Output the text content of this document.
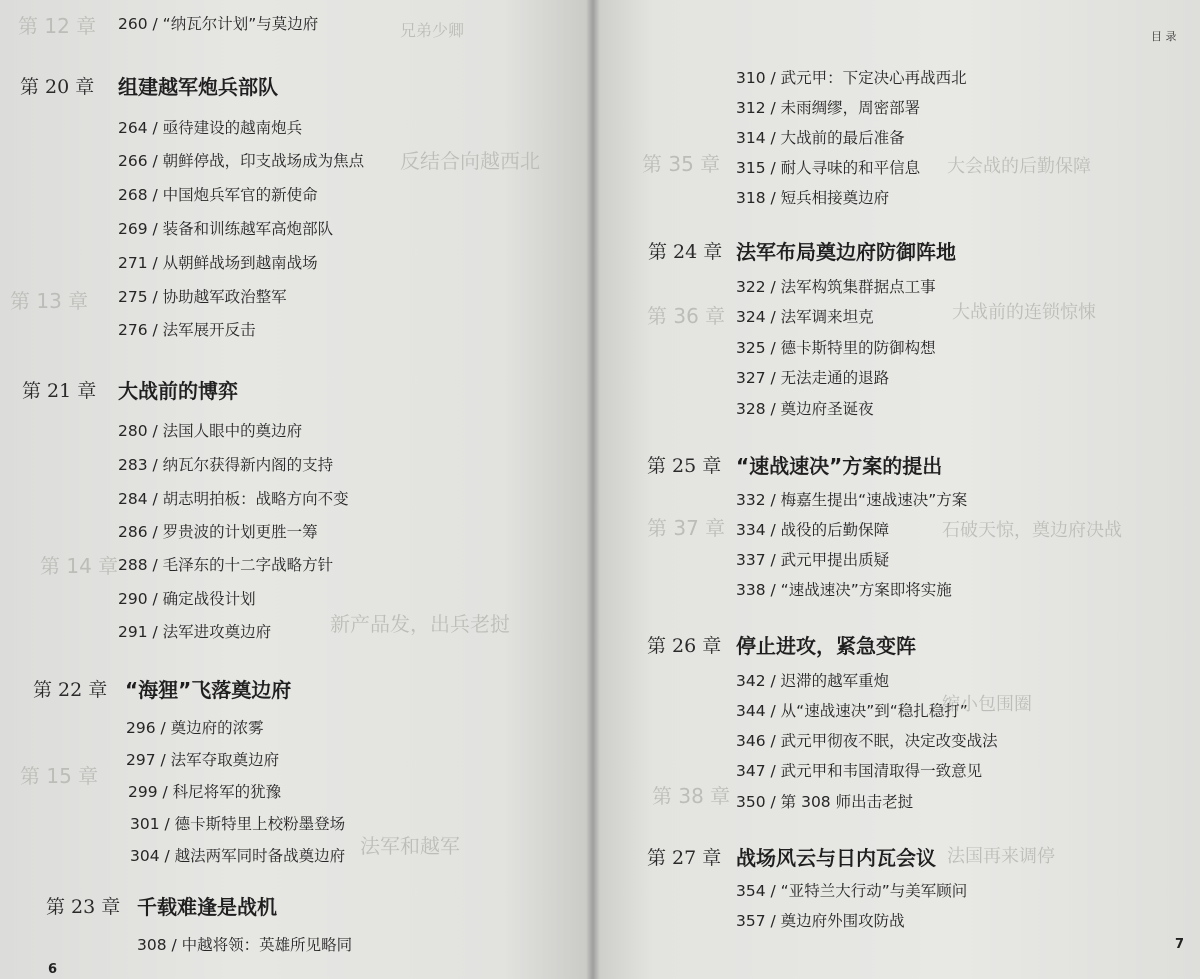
第 12 章	兄弟少卿
反结合向越西北
第 13 章
第 14 章
新产品发，出兵老挝
第 15 章
法军和越军
260 / “纳瓦尔计划”与莫边府
第 20 章 组建越军炮兵部队
264 / 亟待建设的越南炮兵
266 / 朝鲜停战，印支战场成为焦点
268 / 中国炮兵军官的新使命
269 / 装备和训练越军高炮部队
271 / 从朝鲜战场到越南战场
275 / 协助越军政治整军
276 / 法军展开反击
第 21 章 大战前的博弈
280 / 法国人眼中的奠边府
283 / 纳瓦尔获得新内阁的支持
284 / 胡志明拍板：战略方向不变
286 / 罗贵波的计划更胜一筹
288 / 毛泽东的十二字战略方针
290 / 确定战役计划
291 / 法军进攻奠边府
第 22 章 “海狸”飞落奠边府
296 / 奠边府的浓雾
297 / 法军夺取奠边府
299 / 科尼将军的犹豫
301 / 德卡斯特里上校粉墨登场
304 / 越法两军同时备战奠边府
第 23 章 千载难逢是战机
308 / 中越将领：英雄所见略同
6
第 35 章	大会战的后勤保障
大战前的连锁惊悚
第 36 章
第 37 章	石破天惊，奠边府决战
缩小包围圈
第 38 章
法国再来调停
目 录
310 / 武元甲：下定决心再战西北
312 / 未雨绸缪，周密部署
314 / 大战前的最后准备
315 / 耐人寻味的和平信息
318 / 短兵相接奠边府
第 24 章 法军布局奠边府防御阵地
322 / 法军构筑集群据点工事
324 / 法军调来坦克
325 / 德卡斯特里的防御构想
327 / 无法走通的退路
328 / 奠边府圣诞夜
第 25 章 “速战速决”方案的提出
332 / 梅嘉生提出“速战速决”方案
334 / 战役的后勤保障
337 / 武元甲提出质疑
338 / “速战速决”方案即将实施
第 26 章 停止进攻，紧急变阵
342 / 迟滞的越军重炮
344 / 从“速战速决”到“稳扎稳打”
346 / 武元甲彻夜不眠，决定改变战法
347 / 武元甲和韦国清取得一致意见
350 / 第 308 师出击老挝
第 27 章 战场风云与日内瓦会议
354 / “亚特兰大行动”与美军顾问
357 / 奠边府外围攻防战
7
